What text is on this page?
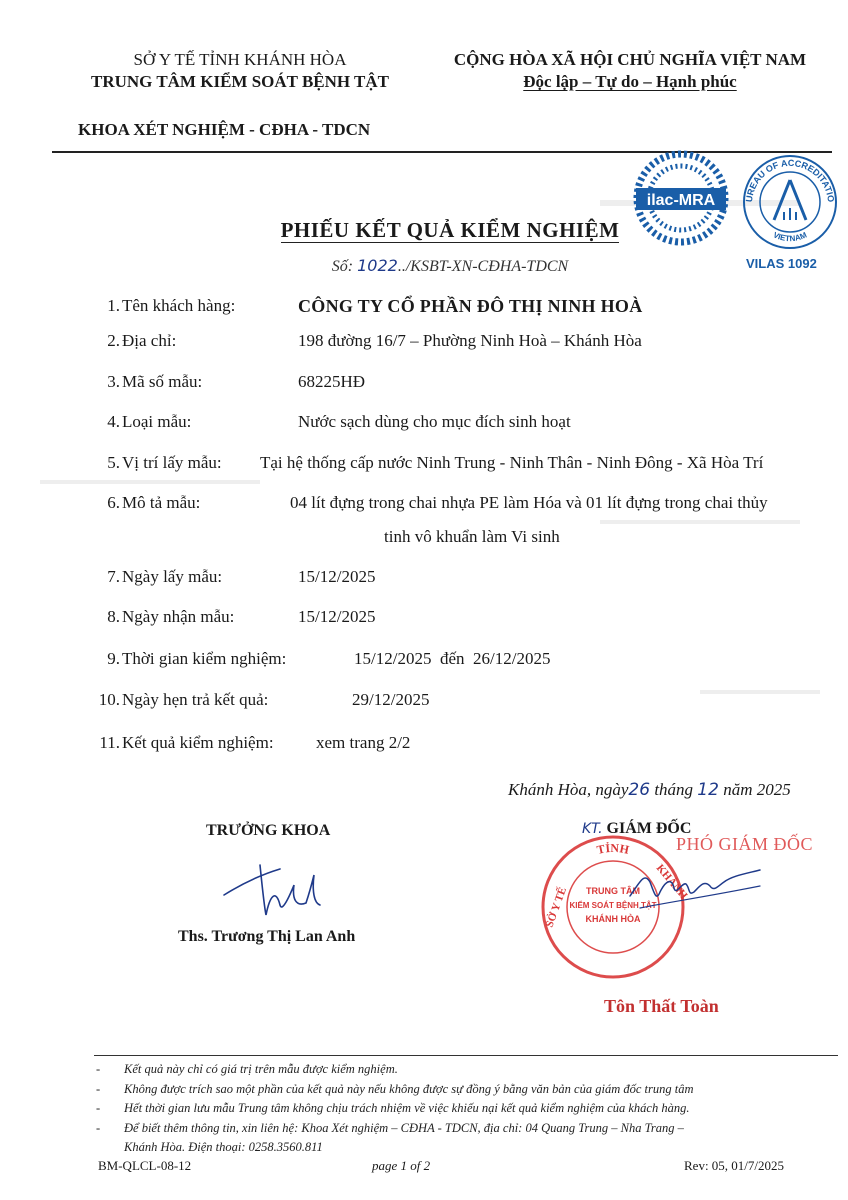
SỞ Y TẾ TỈNH KHÁNH HÒA
TRUNG TÂM KIỂM SOÁT BỆNH TẬT
CỘNG HÒA XÃ HỘI CHỦ NGHĨA VIỆT NAM
Độc lập – Tự do – Hạnh phúc
KHOA XÉT NGHIỆM - CĐHA - TDCN
ilac-MRA	UREAU OF ACCREDITATIO
VIETNAM
VILAS 1092
PHIẾU KẾT QUẢ KIỂM NGHIỆM
Số: 1022../KSBT-XN-CĐHA-TDCN
1. Tên khách hàng:	CÔNG TY CỔ PHẦN ĐÔ THỊ NINH HOÀ
2. Địa chỉ:	198 đường 16/7 – Phường Ninh Hoà – Khánh Hòa
3. Mã số mẫu:	68225HĐ
4. Loại mẫu:	Nước sạch dùng cho mục đích sinh hoạt
5. Vị trí lấy mẫu: Tại hệ thống cấp nước Ninh Trung - Ninh Thân - Ninh Đông - Xã Hòa Trí
6. Mô tả mẫu:	04 lít đựng trong chai nhựa PE làm Hóa và 01 lít đựng trong chai thủy
tinh vô khuẩn làm Vi sinh
7. Ngày lấy mẫu:	15/12/2025
8. Ngày nhận mẫu:	15/12/2025
9. Thời gian kiểm nghiệm:	15/12/2025  đến  26/12/2025
10. Ngày hẹn trả kết quả:	29/12/2025
11. Kết quả kiểm nghiệm: xem trang 2/2
Khánh Hòa, ngày26 tháng 12 năm 2025
TRƯỞNG KHOA
Ths. Trương Thị Lan Anh
KT. GIÁM ĐỐC
PHÓ GIÁM ĐỐC
TỈNH
SỞ Y TẾ
KHÁNH
TRUNG TÂM
KIỂM SOÁT BỆNH TẬT
KHÁNH HÒA
Tôn Thất Toàn
- Kết quả này chỉ có giá trị trên mẫu được kiểm nghiệm.
- Không được trích sao một phần của kết quả này nếu không được sự đồng ý bằng văn bản của giám đốc trung tâm
- Hết thời gian lưu mẫu Trung tâm không chịu trách nhiệm về việc khiếu nại kết quả kiểm nghiệm của khách hàng.
- Để biết thêm thông tin, xin liên hệ: Khoa Xét nghiệm – CĐHA - TDCN, địa chỉ: 04 Quang Trung – Nha Trang –
Khánh Hòa. Điện thoại: 0258.3560.811
BM-QLCL-08-12	page 1 of 2	Rev: 05, 01/7/2025
